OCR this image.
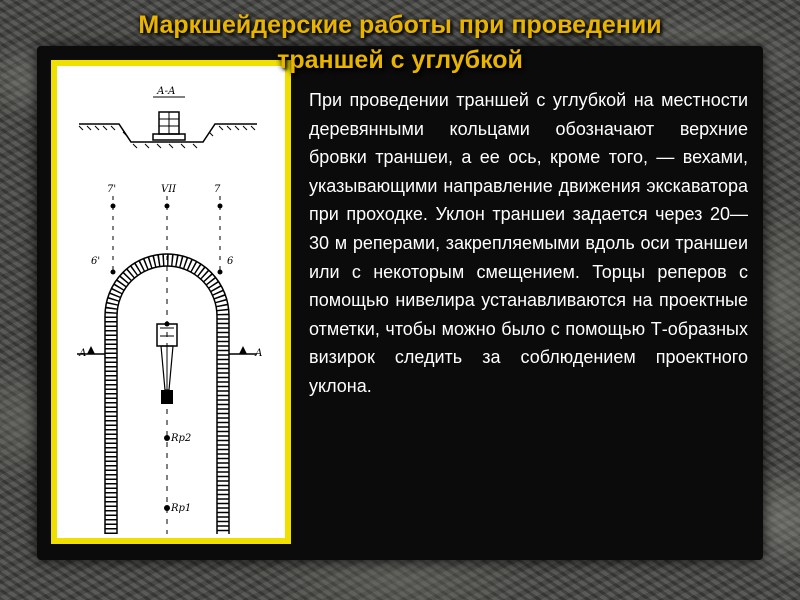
Маркшейдерские работы при проведении
траншей с углубкой
А-А
7'	VII	7
6'	6
А	А
Rp2
Rp1

При проведении траншей с углубкой на местности деревянными кольцами обозначают верхние бровки траншеи, а ее ось, кроме того, — вехами, указывающими направление движения экскаватора при проходке. Уклон траншеи задается через 20—30 м реперами, закрепляемыми вдоль оси траншеи или с некоторым смещением. Торцы реперов с помощью нивелира устанавливаются на проектные отметки, чтобы можно было с помощью Т-образных визирок следить за соблюдением проектного уклона.
